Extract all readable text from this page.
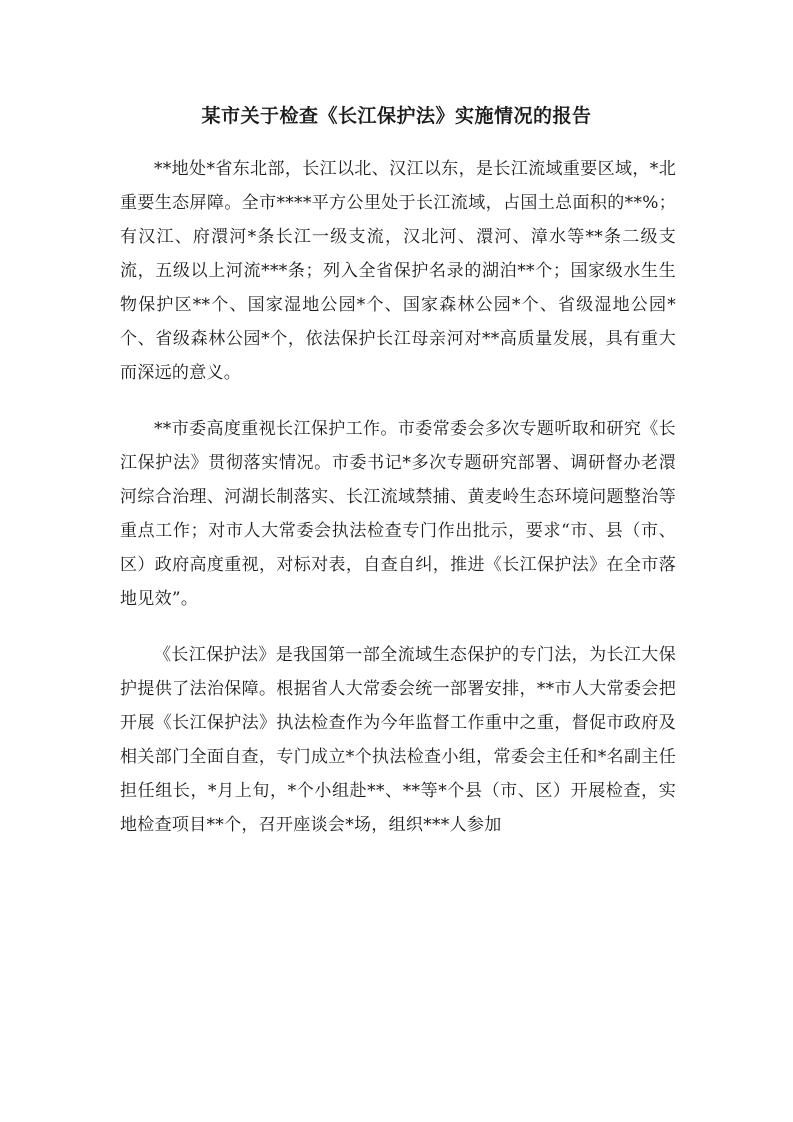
某市关于检查《长江保护法》实施情况的报告

**地处*省东北部，长江以北、汉江以东，是长江流域重要区域，*北重要生态屏障。全市****平方公里处于长江流域，占国土总面积的**%；有汉江、府澴河*条长江一级支流，汉北河、澴河、漳水等**条二级支流，五级以上河流***条；列入全省保护名录的湖泊**个；国家级水生生物保护区**个、国家湿地公园*个、国家森林公园*个、省级湿地公园*个、省级森林公园*个，依法保护长江母亲河对**高质量发展，具有重大而深远的意义。

**市委高度重视长江保护工作。市委常委会多次专题听取和研究《长江保护法》贯彻落实情况。市委书记*多次专题研究部署、调研督办老澴河综合治理、河湖长制落实、长江流域禁捕、黄麦岭生态环境问题整治等重点工作；对市人大常委会执法检查专门作出批示，要求“市、县（市、区）政府高度重视，对标对表，自查自纠，推进《长江保护法》在全市落地见效”。

《长江保护法》是我国第一部全流域生态保护的专门法，为长江大保护提供了法治保障。根据省人大常委会统一部署安排，**市人大常委会把开展《长江保护法》执法检查作为今年监督工作重中之重，督促市政府及相关部门全面自查，专门成立*个执法检查小组，常委会主任和*名副主任担任组长，*月上旬，*个小组赴**、**等*个县（市、区）开展检查，实地检查项目**个，召开座谈会*场，组织***人参加
